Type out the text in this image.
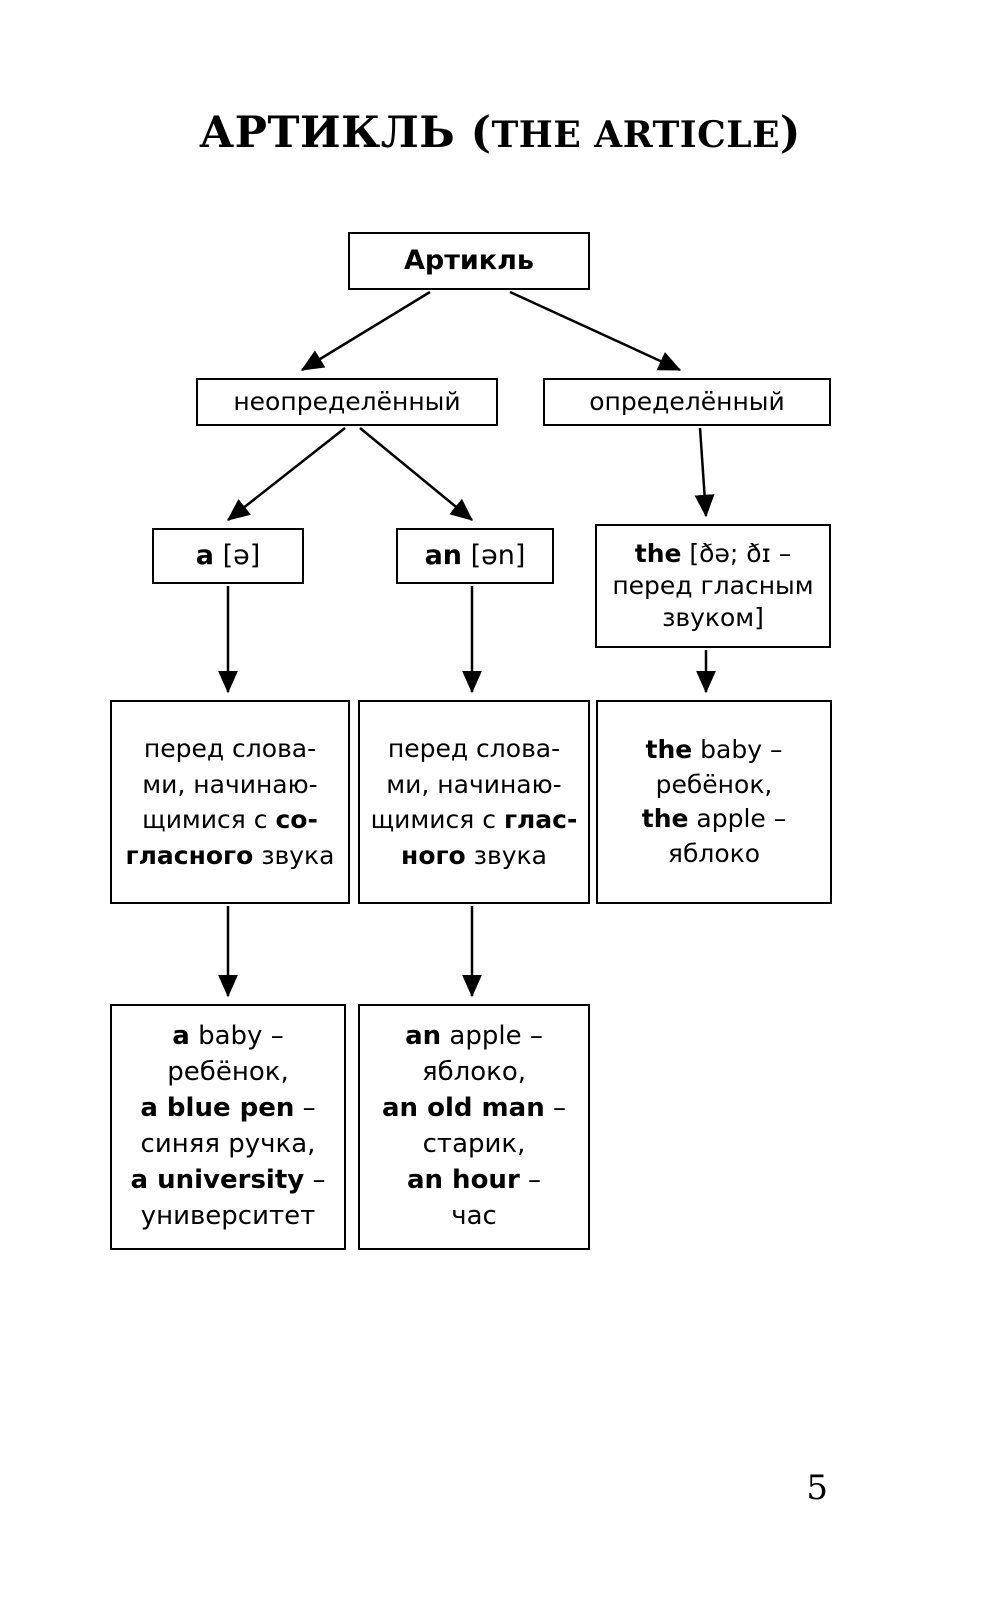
АРТИКЛЬ (THE ARTICLE)
Артикль
неопределённый	определённый
a [ə]	an [ən]	the [ðə; ðɪ –
перед гласным
звуком]
перед слова-
ми, начинаю-
щимися с со-
гласного звука
перед слова-
ми, начинаю-
щимися с глас-
ного звука
the baby –
ребёнок,
the apple –
яблоко
a baby –
ребёнок,
a blue pen –
синяя ручка,
a university –
университет
an apple –
яблоко,
an old man –
старик,
an hour –
час
5
